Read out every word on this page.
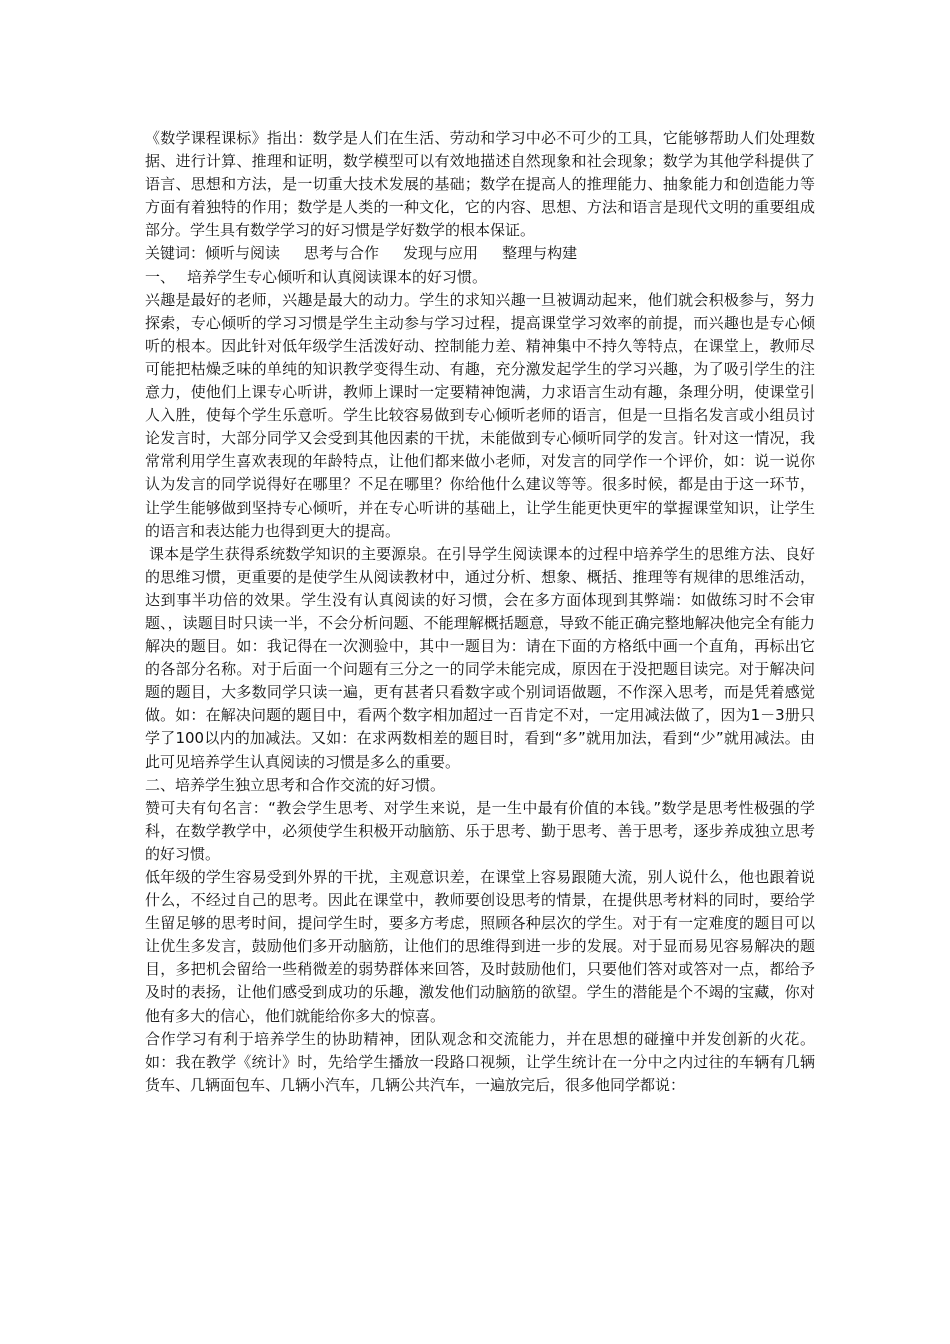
《数学课程课标》指出：数学是人们在生活、劳动和学习中必不可少的工具，它能够帮助人们处理数据、进行计算、推理和证明，数学模型可以有效地描述自然现象和社会现象；数学为其他学科提供了语言、思想和方法，是一切重大技术发展的基础；数学在提高人的推理能力、抽象能力和创造能力等方面有着独特的作用；数学是人类的一种文化，它的内容、思想、方法和语言是现代文明的重要组成部分。学生具有数学学习的好习惯是学好数学的根本保证。

关键词：倾听与阅读 思考与合作 发现与应用 整理与构建

一、 培养学生专心倾听和认真阅读课本的好习惯。

兴趣是最好的老师，兴趣是最大的动力。学生的求知兴趣一旦被调动起来，他们就会积极参与，努力探索，专心倾听的学习习惯是学生主动参与学习过程，提高课堂学习效率的前提，而兴趣也是专心倾听的根本。因此针对低年级学生活泼好动、控制能力差、精神集中不持久等特点，在课堂上，教师尽可能把枯燥乏味的单纯的知识教学变得生动、有趣，充分激发起学生的学习兴趣，为了吸引学生的注意力，使他们上课专心听讲，教师上课时一定要精神饱满，力求语言生动有趣，条理分明，使课堂引人入胜，使每个学生乐意听。学生比较容易做到专心倾听老师的语言，但是一旦指名发言或小组员讨论发言时，大部分同学又会受到其他因素的干扰，未能做到专心倾听同学的发言。针对这一情况，我常常利用学生喜欢表现的年龄特点，让他们都来做小老师，对发言的同学作一个评价，如：说一说你认为发言的同学说得好在哪里？不足在哪里？你给他什么建议等等。很多时候，都是由于这一环节，让学生能够做到坚持专心倾听，并在专心听讲的基础上，让学生能更快更牢的掌握课堂知识，让学生的语言和表达能力也得到更大的提高。

课本是学生获得系统数学知识的主要源泉。在引导学生阅读课本的过程中培养学生的思维方法、良好的思维习惯，更重要的是使学生从阅读教材中，通过分析、想象、概括、推理等有规律的思维活动，达到事半功倍的效果。学生没有认真阅读的好习惯，会在多方面体现到其弊端：如做练习时不会审题、，读题目时只读一半，不会分析问题、不能理解概括题意，导致不能正确完整地解决他完全有能力解决的题目。如：我记得在一次测验中，其中一题目为：请在下面的方格纸中画一个直角，再标出它的各部分名称。对于后面一个问题有三分之一的同学未能完成，原因在于没把题目读完。对于解决问题的题目，大多数同学只读一遍，更有甚者只看数字或个别词语做题，不作深入思考，而是凭着感觉做。如：在解决问题的题目中，看两个数字相加超过一百肯定不对，一定用减法做了，因为1－3册只学了100以内的加减法。又如：在求两数相差的题目时，看到“多”就用加法，看到“少”就用减法。由此可见培养学生认真阅读的习惯是多么的重要。

二、培养学生独立思考和合作交流的好习惯。

赞可夫有句名言：“教会学生思考、对学生来说，是一生中最有价值的本钱。”数学是思考性极强的学科，在数学教学中，必须使学生积极开动脑筋、乐于思考、勤于思考、善于思考，逐步养成独立思考的好习惯。

低年级的学生容易受到外界的干扰，主观意识差，在课堂上容易跟随大流，别人说什么，他也跟着说什么，不经过自己的思考。因此在课堂中，教师要创设思考的情景，在提供思考材料的同时，要给学生留足够的思考时间，提问学生时，要多方考虑，照顾各种层次的学生。对于有一定难度的题目可以让优生多发言，鼓励他们多开动脑筋，让他们的思维得到进一步的发展。对于显而易见容易解决的题目，多把机会留给一些稍微差的弱势群体来回答，及时鼓励他们，只要他们答对或答对一点，都给予及时的表扬，让他们感受到成功的乐趣，激发他们动脑筋的欲望。学生的潜能是个不竭的宝藏，你对他有多大的信心，他们就能给你多大的惊喜。

合作学习有利于培养学生的协助精神，团队观念和交流能力，并在思想的碰撞中并发创新的火花。如：我在教学《统计》时，先给学生播放一段路口视频，让学生统计在一分中之内过往的车辆有几辆货车、几辆面包车、几辆小汽车，几辆公共汽车，一遍放完后，很多他同学都说：
